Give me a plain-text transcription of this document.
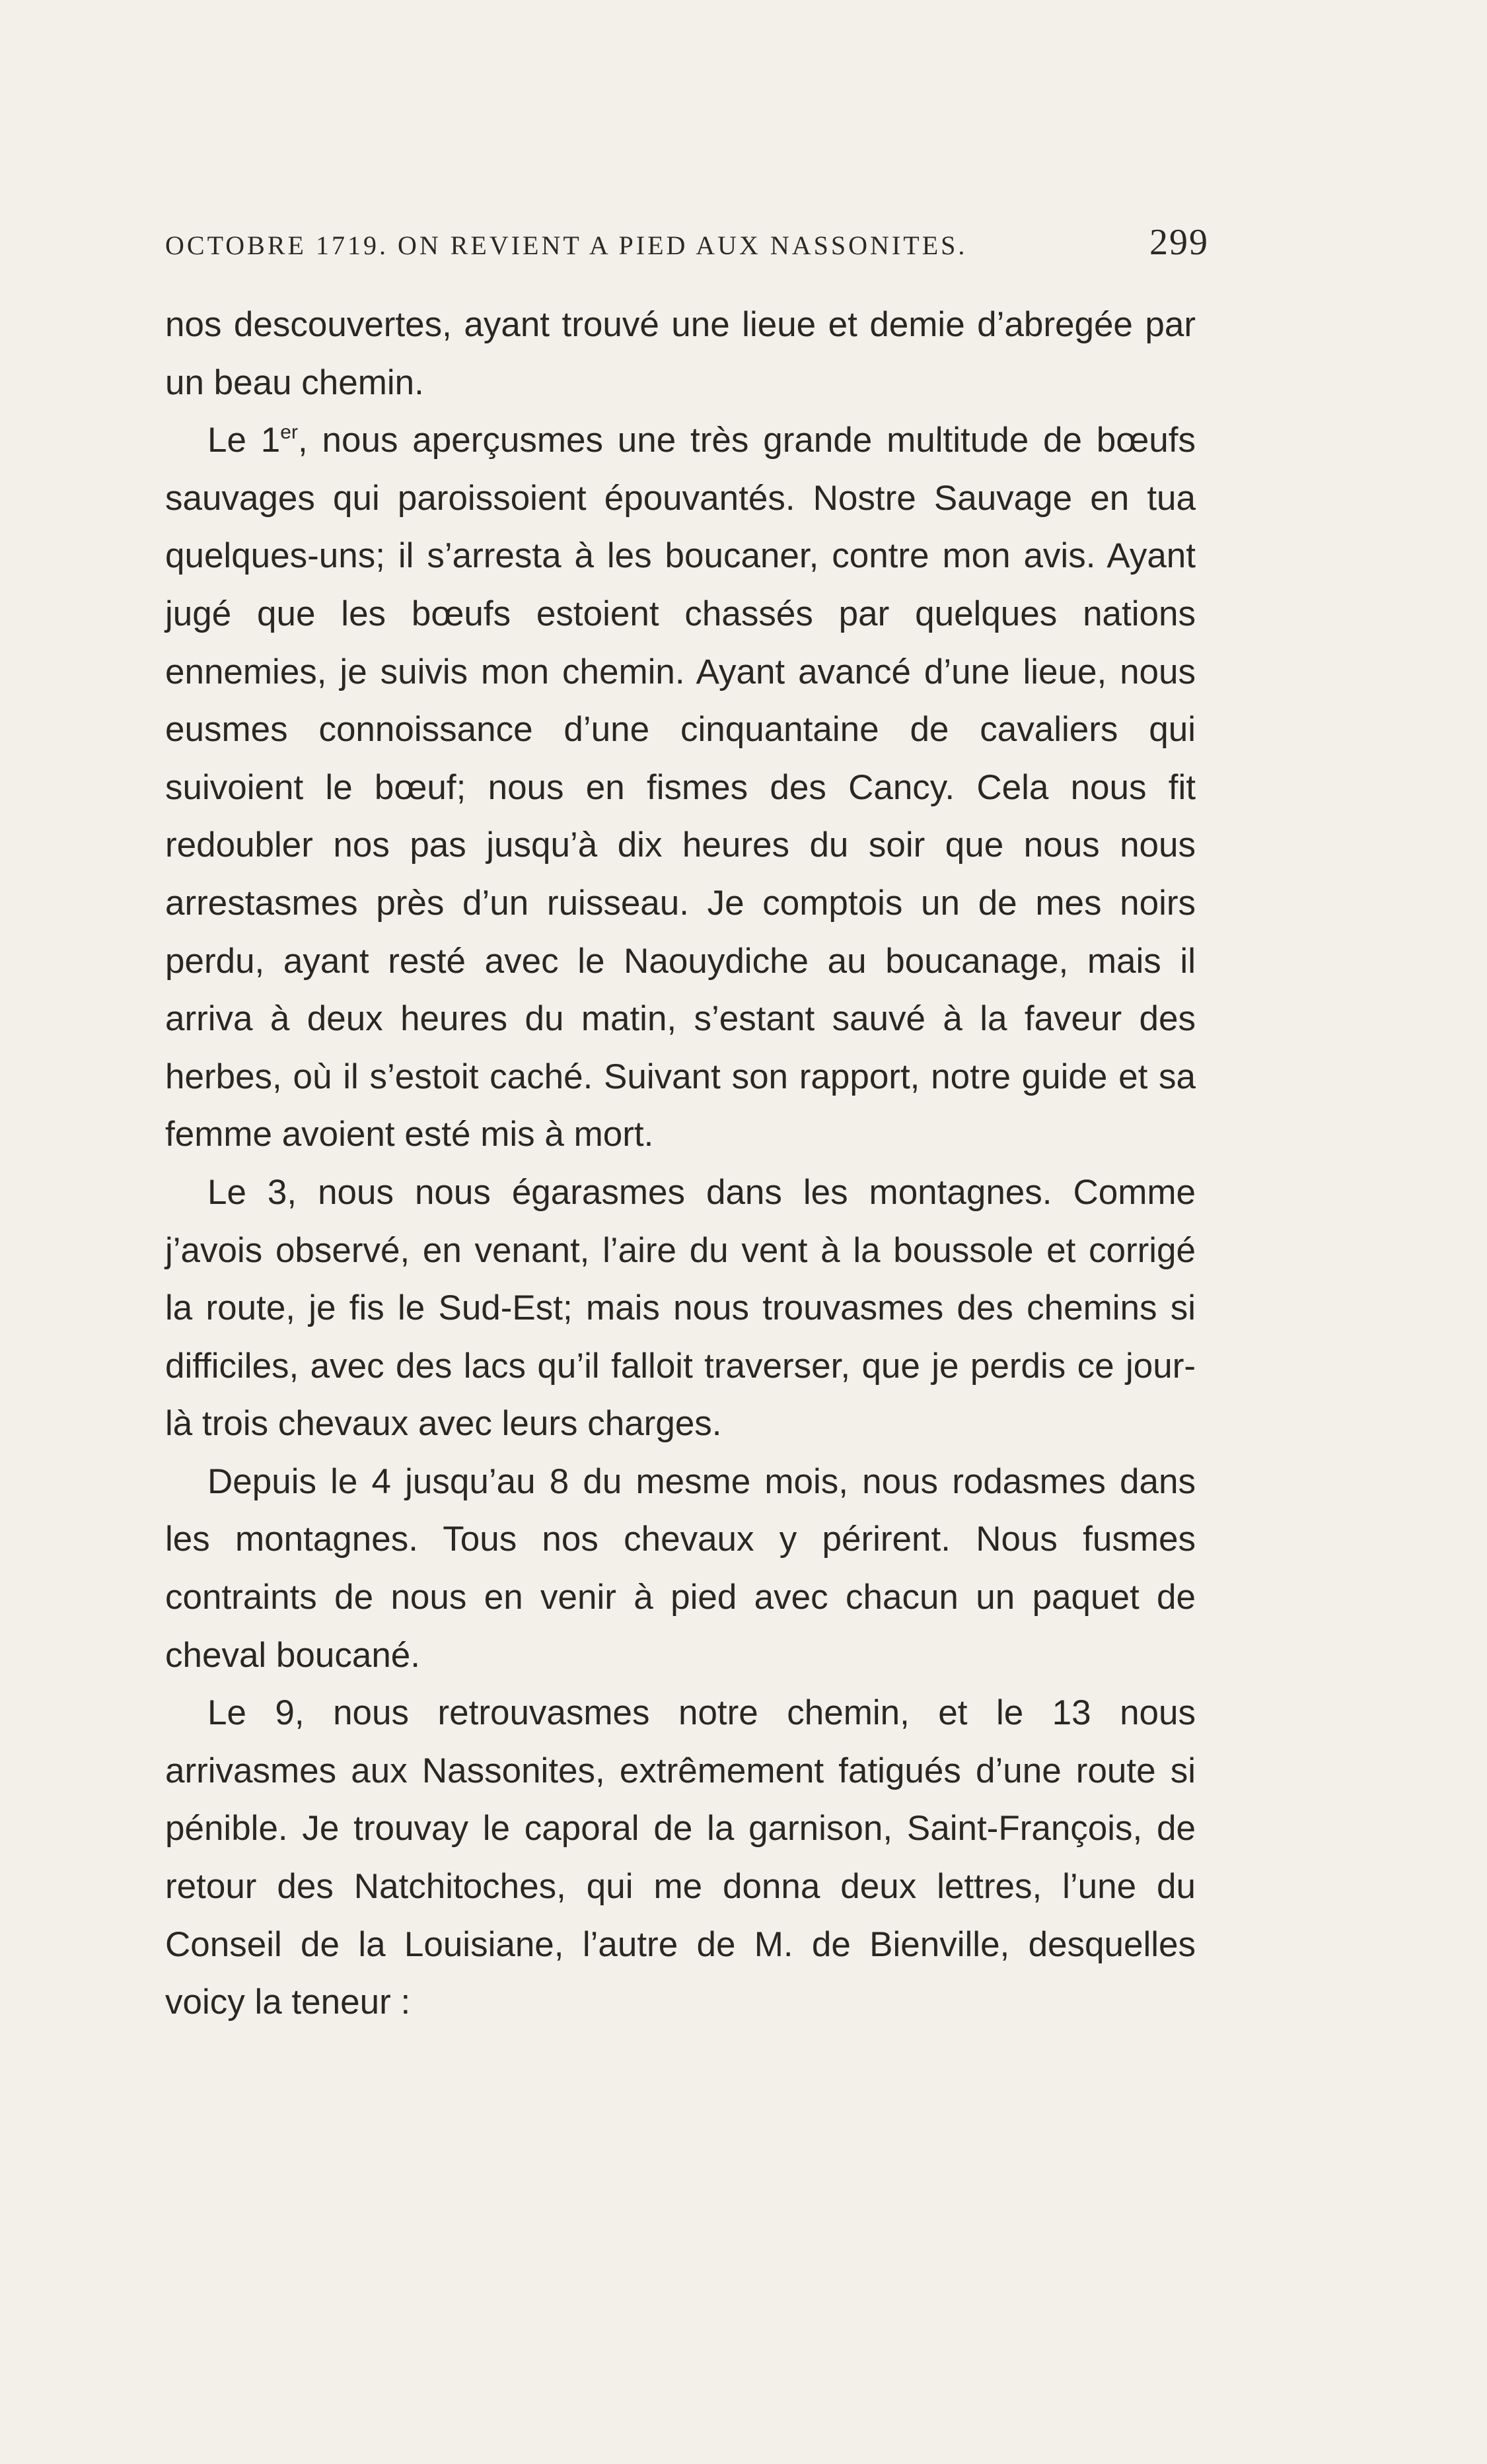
OCTOBRE 1719. ON REVIENT A PIED AUX NASSONITES.	299

nos descouvertes, ayant trouvé une lieue et demie d’abregée par un beau chemin.

Le 1er, nous aperçusmes une très grande multitude de bœufs sauvages qui paroissoient épouvantés. Nostre Sauvage en tua quelques-uns; il s’arresta à les boucaner, contre mon avis. Ayant jugé que les bœufs estoient chassés par quelques nations ennemies, je suivis mon chemin. Ayant avancé d’une lieue, nous eusmes connoissance d’une cinquantaine de cavaliers qui suivoient le bœuf; nous en fismes des Cancy. Cela nous fit redoubler nos pas jusqu’à dix heures du soir que nous nous arrestasmes près d’un ruisseau. Je comptois un de mes noirs perdu, ayant resté avec le Naouydiche au boucanage, mais il arriva à deux heures du matin, s’estant sauvé à la faveur des herbes, où il s’estoit caché. Suivant son rapport, notre guide et sa femme avoient esté mis à mort.

Le 3, nous nous égarasmes dans les montagnes. Comme j’avois observé, en venant, l’aire du vent à la boussole et corrigé la route, je fis le Sud-Est; mais nous trouvasmes des chemins si difficiles, avec des lacs qu’il falloit traverser, que je perdis ce jour-là trois chevaux avec leurs charges.

Depuis le 4 jusqu’au 8 du mesme mois, nous rodasmes dans les montagnes. Tous nos chevaux y périrent. Nous fusmes contraints de nous en venir à pied avec chacun un paquet de cheval boucané.

Le 9, nous retrouvasmes notre chemin, et le 13 nous arrivasmes aux Nassonites, extrêmement fatigués d’une route si pénible. Je trouvay le caporal de la garnison, Saint-François, de retour des Natchitoches, qui me donna deux lettres, l’une du Conseil de la Louisiane, l’autre de M. de Bienville, desquelles voicy la teneur :
